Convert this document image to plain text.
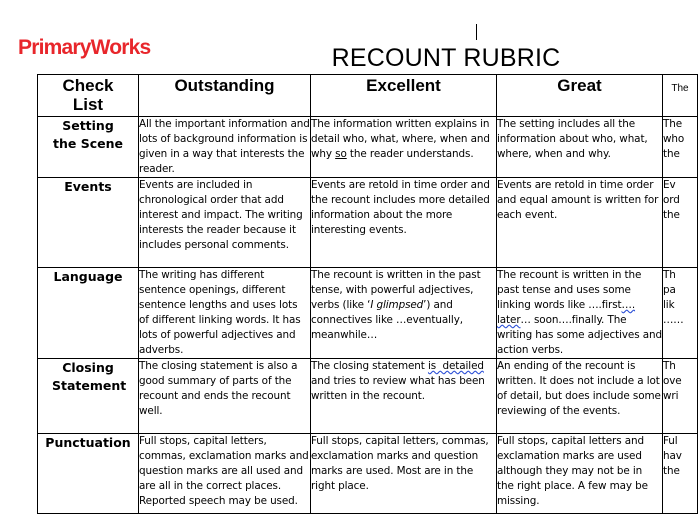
PrimaryWorks	RECOUNT RUBRIC
Check List	Outstanding	Excellent	Great	The

Setting the Scene	All the important information and lots of background information is given in a way that interests the reader.	The information written explains in detail who, what, where, when and why so the reader understands.	The setting includes all the information about who, what, where, when and why.	The
who
the

Events	Events are included in chronological order that add interest and impact. The writing interests the reader because it includes personal comments.	Events are retold in time order and the recount includes more detailed information about the more interesting events.	Events are retold in time order and equal amount is written for each event.	Ev
ord
the

Language	The writing has different sentence openings, different sentence lengths and uses lots of different linking words. It has lots of powerful adjectives and adverbs.	The recount is written in the past tense, with powerful adjectives, verbs (like ‘I glimpsed’) and connectives like …eventually, meanwhile…	The recount is written in the past tense and uses some linking words like ….first…. later… soon….finally. The writing has some adjectives and action verbs.	Th
pa
lik
……

Closing Statement	The closing statement is also a good summary of parts of the recount and ends the recount well.	The closing statement is  detailed and tries to review what has been written in the recount.	An ending of the recount is written. It does not include a lot of detail, but does include some reviewing of the events.	Th
ove
wri

Punctuation	Full stops, capital letters, commas, exclamation marks and question marks are all used and are all in the correct places. Reported speech may be used.	Full stops, capital letters, commas, exclamation marks and question marks are used. Most are in the right place.	Full stops, capital letters and exclamation marks are used although they may not be in the right place. A few may be missing.	Ful
hav
the
